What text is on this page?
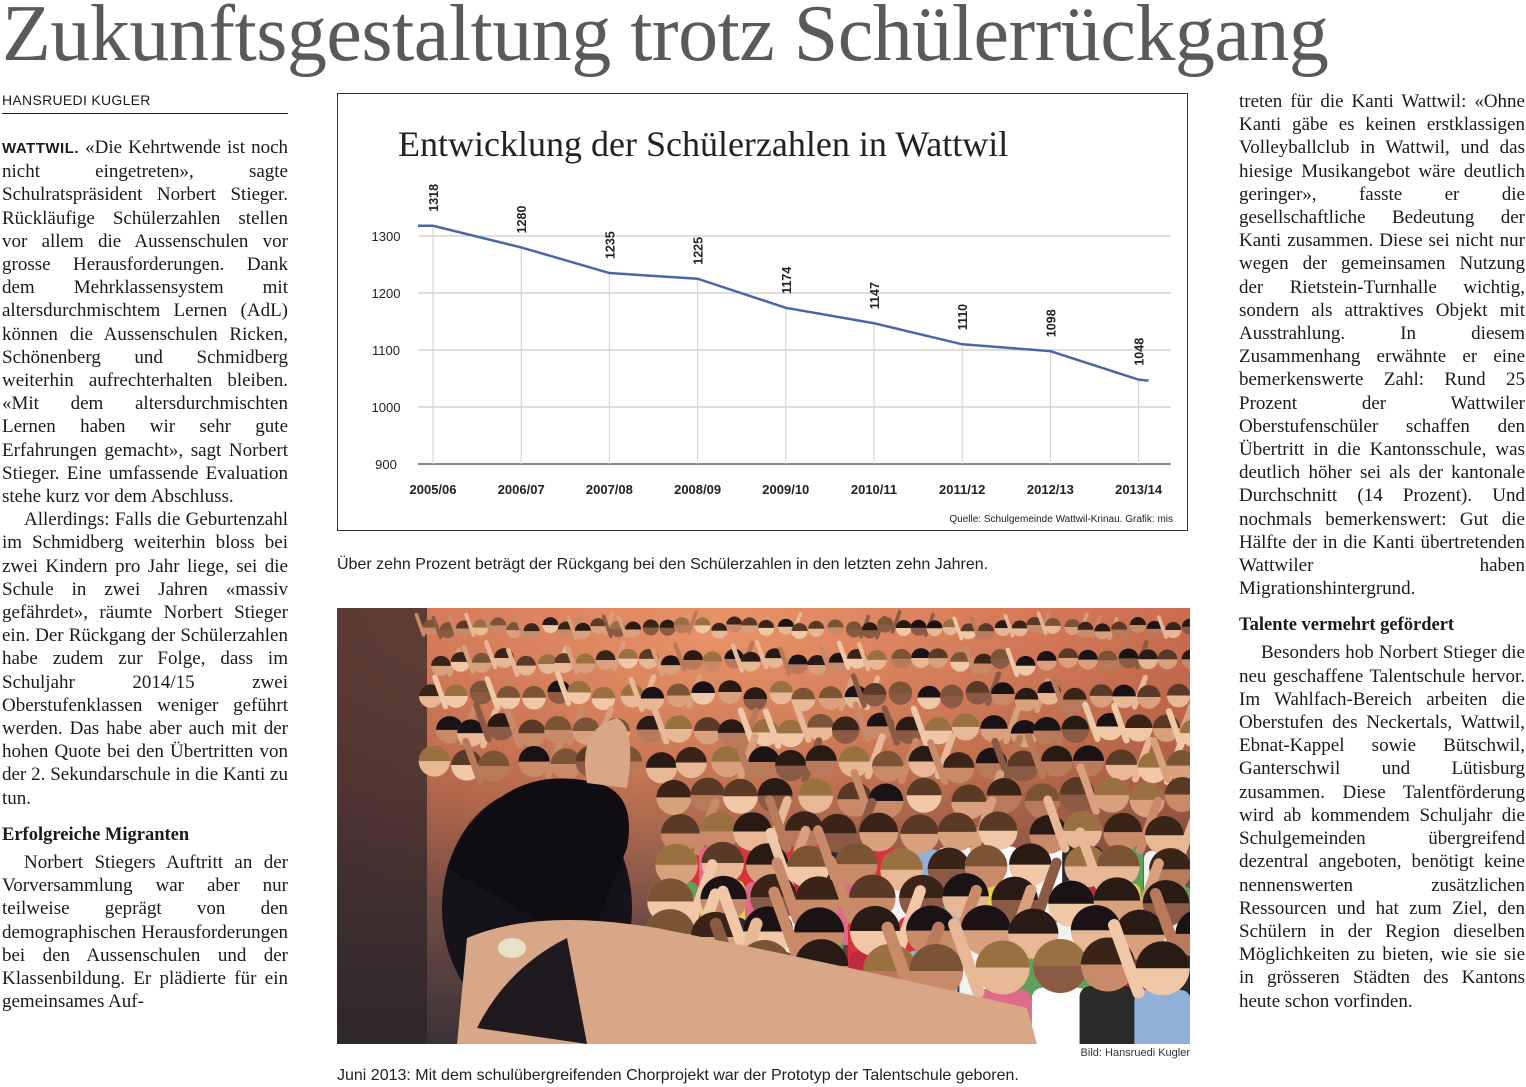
Zukunftsgestaltung trotz Schülerrückgang
HANSRUEDI KUGLER

WATTWIL. «Die Kehrtwende ist noch nicht eingetreten», sagte Schulratspräsident Norbert Stieger. Rückläufige Schülerzahlen stellen vor allem die Aussenschulen vor grosse Herausforderungen. Dank dem Mehrklassensystem mit altersdurchmischtem Lernen (AdL) können die Aussenschulen Ricken, Schönenberg und Schmidberg weiterhin aufrechterhalten bleiben. «Mit dem altersdurchmischten Lernen haben wir sehr gute Erfahrungen gemacht», sagt Norbert Stieger. Eine umfassende Evaluation stehe kurz vor dem Abschluss.

Allerdings: Falls die Geburtenzahl im Schmidberg weiterhin bloss bei zwei Kindern pro Jahr liege, sei die Schule in zwei Jahren «massiv gefährdet», räumte Norbert Stieger ein. Der Rückgang der Schülerzahlen habe zudem zur Folge, dass im Schuljahr 2014/15 zwei Oberstufenklassen weniger geführt werden. Das habe aber auch mit der hohen Quote bei den Übertritten von der 2. Sekundarschule in die Kanti zu tun.

Erfolgreiche Migranten

Norbert Stiegers Auftritt an der Vorversammlung war aber nur teilweise geprägt von den demographischen Herausforderungen bei den Aussenschulen und der Klassenbildung. Er plädierte für ein gemeinsames Auf-

Entwicklung der Schülerzahlen in Wattwil
900
1000
1100
1200
1300
1318
1280
1235	1225
1174
1147
1110	1098
1048
2005/06	2006/07	2007/08	2008/09	2009/10	2010/11	2011/12	2012/13	2013/14
Quelle: Schulgemeinde Wattwil-Krinau. Grafik: mis
Über zehn Prozent beträgt der Rückgang bei den Schülerzahlen in den letzten zehn Jahren.
Bild: Hansruedi Kugler
Juni 2013: Mit dem schulübergreifenden Chorprojekt war der Prototyp der Talentschule geboren.

treten für die Kanti Wattwil: «Ohne Kanti gäbe es keinen erstklassigen Volleyballclub in Wattwil, und das hiesige Musikangebot wäre deutlich geringer», fasste er die gesellschaftliche Bedeutung der Kanti zusammen. Diese sei nicht nur wegen der gemeinsamen Nutzung der Rietstein-Turnhalle wichtig, sondern als attraktives Objekt mit Ausstrahlung. In diesem Zusammenhang erwähnte er eine bemerkenswerte Zahl: Rund 25 Prozent der Wattwiler Oberstufenschüler schaffen den Übertritt in die Kantonsschule, was deutlich höher sei als der kantonale Durchschnitt (14 Prozent). Und nochmals bemerkenswert: Gut die Hälfte der in die Kanti übertretenden Wattwiler haben Migrationshintergrund.

Talente vermehrt gefördert

Besonders hob Norbert Stieger die neu geschaffene Talentschule hervor. Im Wahlfach-Bereich arbeiten die Oberstufen des Neckertals, Wattwil, Ebnat-Kappel sowie Bütschwil, Ganterschwil und Lütisburg zusammen. Diese Talentförderung wird ab kommendem Schuljahr die Schulgemeinden übergreifend dezentral angeboten, benötigt keine nennenswerten zusätzlichen Ressourcen und hat zum Ziel, den Schülern in der Region dieselben Möglichkeiten zu bieten, wie sie sie in grösseren Städten des Kantons heute schon vorfinden.
